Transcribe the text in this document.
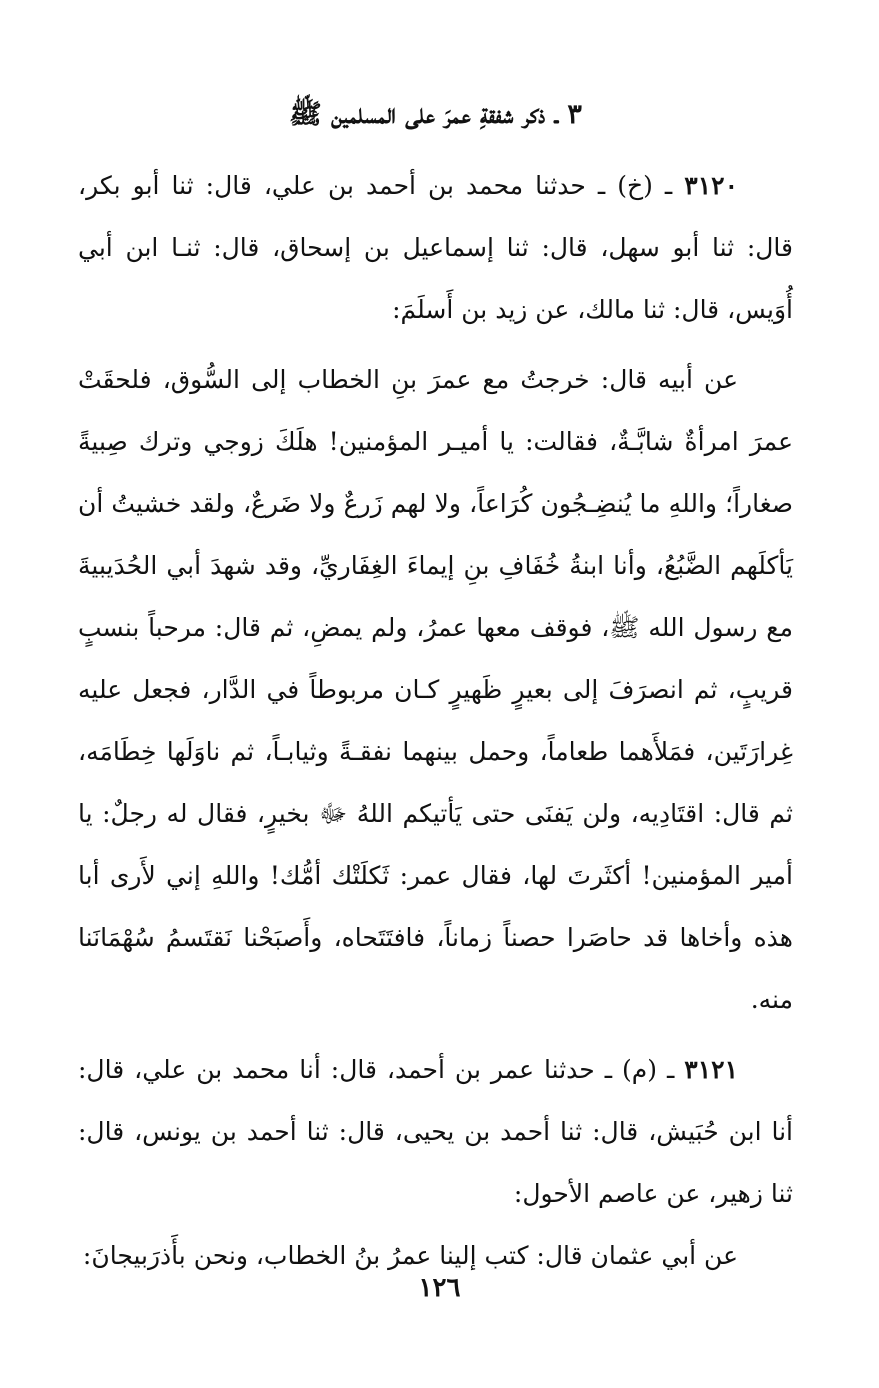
٣ ـ ذكر شفقةِ عمرَ على المسلمين ﷺ

٣١٢٠ ـ (خ) ـ حدثنا محمد بن أحمد بن علي، قال: ثنا أبو بكر، قال: ثنا أبو سهل، قال: ثنا إسماعيل بن إسحاق، قال: ثنـا ابن أبي أُوَيس، قال: ثنا مالك، عن زيد بن أَسلَمَ:

عن أبيه قال: خرجتُ مع عمرَ بنِ الخطاب إلى السُّوق، فلحقَتْ عمرَ امرأةٌ شابَّـةٌ، فقالت: يا أميـر المؤمنين! هلَكَ زوجي وترك صِبيةً صغاراً؛ واللهِ ما يُنضِـجُون كُرَاعاً، ولا لهم زَرعٌ ولا ضَرعٌ، ولقد خشيتُ أن يَأكلَهم الضَّبُعُ، وأنا ابنةُ خُفَافِ بنِ إيماءَ الغِفَاريِّ، وقد شهدَ أبي الحُدَيبيةَ مع رسول الله ﷺ، فوقف معها عمرُ، ولم يمضِ، ثم قال: مرحباً بنسبٍ قريبٍ، ثم انصرَفَ إلى بعيرٍ ظَهيرٍ كـان مربوطاً في الدَّار، فجعل عليه غِرارَتَين، فمَلأَهما طعاماً، وحمل بينهما نفقـةً وثيابـاً، ثم ناوَلَها خِطَامَه، ثم قال: اقتَادِيه، ولن يَفنَى حتى يَأتيكم اللهُ ﷻ بخيرٍ، فقال له رجلٌ: يا أمير المؤمنين! أكثَرتَ لها، فقال عمر: ثَكلَتْك أمُّك! واللهِ إني لأَرى أبا هذه وأخاها قد حاصَرا حصناً زماناً، فافتَتَحاه، وأَصبَحْنا نَقتَسمُ سُهْمَانَنا منه.

٣١٢١ ـ (م) ـ حدثنا عمر بن أحمد، قال: أنا محمد بن علي، قال: أنا ابن حُبَيش، قال: ثنا أحمد بن يحيى، قال: ثنا أحمد بن يونس، قال: ثنا زهير، عن عاصم الأحول:

عن أبي عثمان قال: كتب إلينا عمرُ بنُ الخطاب، ونحن بأَذرَبيجانَ:

١٢٦
